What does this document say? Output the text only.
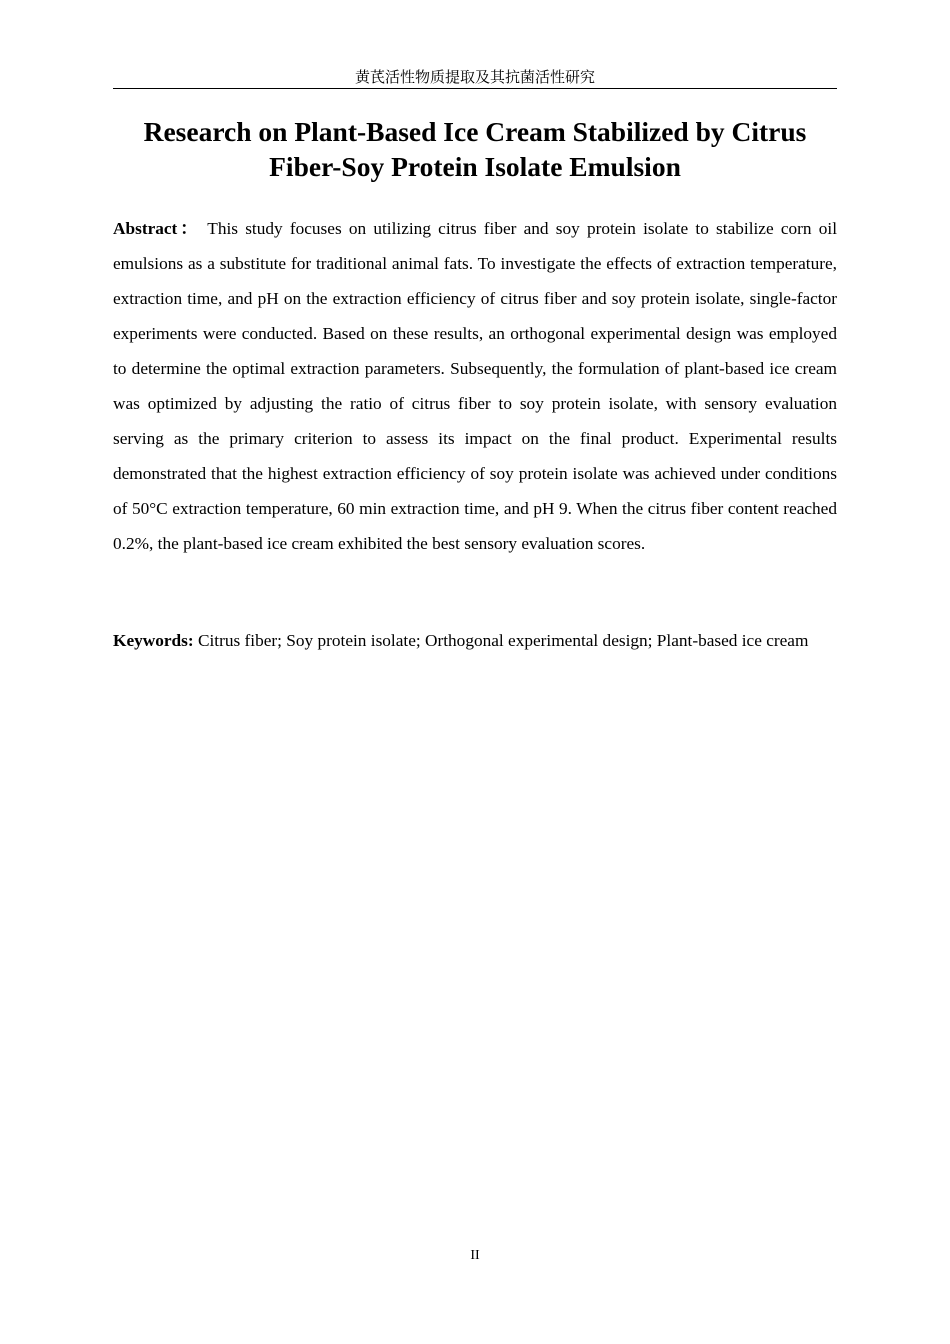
黄芪活性物质提取及其抗菌活性研究
Research on Plant-Based Ice Cream Stabilized by Citrus Fiber-Soy Protein Isolate Emulsion

Abstract： This study focuses on utilizing citrus fiber and soy protein isolate to stabilize corn oil emulsions as a substitute for traditional animal fats. To investigate the effects of extraction temperature, extraction time, and pH on the extraction efficiency of citrus fiber and soy protein isolate, single-factor experiments were conducted. Based on these results, an orthogonal experimental design was employed to determine the optimal extraction parameters. Subsequently, the formulation of plant-based ice cream was optimized by adjusting the ratio of citrus fiber to soy protein isolate, with sensory evaluation serving as the primary criterion to assess its impact on the final product. Experimental results demonstrated that the highest extraction efficiency of soy protein isolate was achieved under conditions of 50°C extraction temperature, 60 min extraction time, and pH 9. When the citrus fiber content reached 0.2%, the plant-based ice cream exhibited the best sensory evaluation scores.

Keywords: Citrus fiber; Soy protein isolate; Orthogonal experimental design; Plant-based ice cream

II
